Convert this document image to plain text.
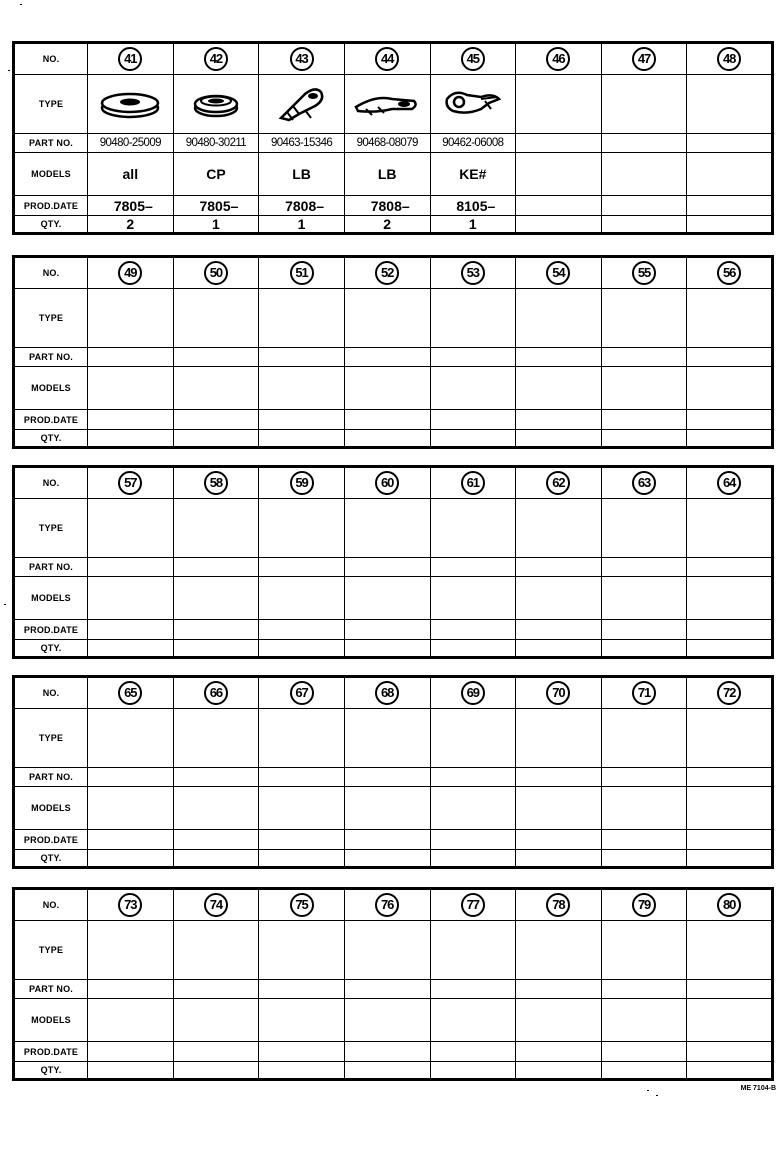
NO.	41	42	43	44	45	46	47	48
TYPE	

PART NO.	90480-25009	90480-30211	90463-15346	90468-08079	90462-06008			
MODELS	all	CP	LB	LB	KE#			
PROD.DATE	7805–	7805–	7808–	7808–	8105–			
QTY.	2	1	1	2	1			
NO.	49	50	51	52	53	54	55	56
TYPE								
PART NO.								
MODELS								
PROD.DATE								
QTY.								
NO.	57	58	59	60	61	62	63	64
TYPE								
PART NO.								
MODELS								
PROD.DATE								
QTY.								
NO.	65	66	67	68	69	70	71	72
TYPE								
PART NO.								
MODELS								
PROD.DATE								
QTY.								
NO.	73	74	75	76	77	78	79	80
TYPE								
PART NO.								
MODELS								
PROD.DATE								
QTY.								
ME 7104-B
